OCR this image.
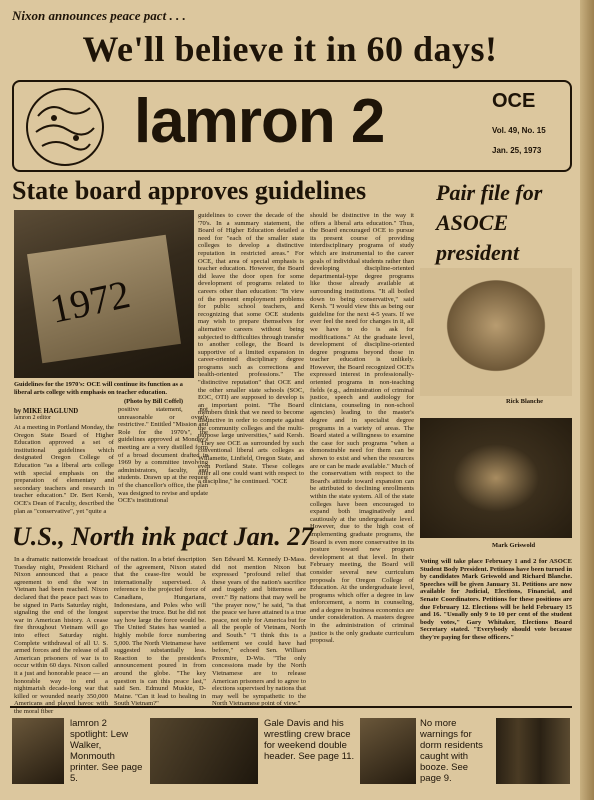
Nixon announces peace pact . . .
We'll believe it in 60 days!
lamron 2	OCE
Vol. 49, No. 15
Jan. 25, 1973
State board approves guidelines	Pair file for ASOCE president
1972
Guidelines for the 1970's: OCE will continue its function as a liberal arts college with emphasis on teacher education.
(Photo by Bill Coffel)
by MIKE HAGLUND
lamron 2 editor
At a meeting in Portland Monday, the Oregon State Board of Higher Education approved a set of institutional guidelines which designated Oregon College of Education "as a liberal arts college with special emphasis on the preparation of elementary and secondary teachers and research in teacher education." Dr. Bert Kersh, OCE's Dean of Faculty, described the plan as "conservative", yet "quite a
positive statement, not unreasonable or overly restrictive." Entitled "Mission and Role for the 1970's", the guidelines approved at Monday's meeting are a very distilled form of a broad document drafted in 1969 by a committee involving administrators, faculty, and students. Drawn up at the request of the chancellor's office, the plan was designed to revise and update OCE's institutional
guidelines to cover the decade of the '70's. In a summary statement, the Board of Higher Education detailed a need for "each of the smaller state colleges to develop a distinctive reputation in restricted areas." For OCE, that area of special emphasis is teacher education. However, the Board did leave the door open for some development of programs related to careers other than education: "In view of the present employment problems for public school teachers, and recognizing that some OCE students may wish to prepare themselves for alternative careers without being subjected to difficulties through transfer to another college, the Board is supportive of a limited expansion in career-oriented disciplinary degree programs such as corrections and health-oriented professions." The "distinctive reputation" that OCE and the other smaller state schools (SOC, EOC, OTI) are supposed to develop is an important point. "The Board members think that we need to become distinctive in order to compete against the community colleges and the multi-purpose large universities," said Kersh. "They see OCE as surrounded by such conventional liberal arts colleges as Willamette, Linfield, Oregon State, and even Portland State. These colleges offer all one could want with respect to a discipline," he continued. "OCE
should be distinctive in the way it offers a liberal arts education." Thus, the Board encouraged OCE to pursue its present course of providing interdisciplinary programs of study which are instrumental to the career goals of individual students rather than developing discipline-oriented departmental-type degree programs like those already available at surrounding institutions. "It all boiled down to being conservative," said Kersh. "I would view this as being our guideline for the next 4-5 years. If we ever feel the need for changes in it, all we have to do is ask for modifications." At the graduate level, development of discipline-oriented degree programs beyond those in teacher education is unlikely. However, the Board recognized OCE's expressed interest in professionally-oriented programs in non-teaching fields (e.g., administration of criminal justice, speech and audiology for clinicians, counseling in non-school agencies) leading to the master's degree and in specialist degree programs in a variety of areas. The Board stated a willingness to examine the case for such programs "when a demonstrable need for them can be shown to exist and when the resources are or can be made available." Much of the conservatism with respect to the Board's attitude toward expansion can be attributed to declining enrollments within the state system. All of the state colleges have been encouraged to expand both imaginatively and cautiously at the undergraduate level. However, due to the high cost of implementing graduate programs, the Board is even more conservative in its posture toward new program development at that level. In their February meeting, the Board will consider several new curriculum proposals for Oregon College of Education. At the undergraduate level, programs which offer a degree in law enforcement, a norm in counseling, and a degree in business economics are under consideration. A masters degree in the administration of criminal justice is the only graduate curriculum proposal.
Rick Blanche
Mark Griswold
Voting will take place February 1 and 2 for ASOCE Student Body President. Petitions have been turned in by candidates Mark Griswold and Richard Blanche. Speeches will be given January 31. Petitions are now available for Judicial, Elections, Financial, and Senate Coordinators. Petitions for these positions are due February 12. Elections will be held February 15 and 16. "Usually only 9 to 10 per cent of the student body votes," Gary Whitaker, Elections Board Secretary stated. "Everybody should vote because they're paying for these officers."
U.S., North ink pact Jan. 27
In a dramatic nationwide broadcast Tuesday night, President Richard Nixon announced that a peace agreement to end the war in Vietnam had been reached. Nixon declared that the peace pact was to be signed in Paris Saturday night, signaling the end of the longest war in American history. A cease fire throughout Vietnam will go into effect Saturday night. Complete withdrawal of all U. S. armed forces and the release of all American prisoners of war is to occur within 60 days. Nixon called it a just and honorable peace — an honorable way to end a nightmarish decade-long war that killed or wounded nearly 350,000 Americans and played havoc with the moral fiber
of the nation. In a brief description of the agreement, Nixon stated that the cease-fire would be internationally supervised. A reference to the projected force of Canadians, Hungarians, Indonesians, and Poles who will supervise the truce. But he did not say how large the force would be. The United States has wanted a highly mobile force numbering 5,000. The North Vietnamese have suggested substantially less. Reaction to the president's announcement poured in from around the globe. "The key question is can this peace last," said Sen. Edmund Muskie, D-Maine. "Can it lead to healing in South Vietnam?"
Sen Edward M. Kennedy D-Mass. did not mention Nixon but expressed "profound relief that these years of the nation's sacrifice and tragedy and bitterness are over." By nations that may well be "the prayer now," he said, "is that the peace we have attained is a true peace, not only for America but for all the people of Vietnam, North and South." "I think this is a settlement we could have had before," echoed Sen. William Proxmire, D-Wis. "The only concessions made by the North Vietnamese are to release American prisoners and to agree to elections supervised by nations that may well be sympathetic to the North Vietnamese point of view."
lamron 2 spotlight: Lew Walker, Monmouth printer. See page 5.
Gale Davis and his wrestling crew brace for weekend double header. See page 11.
No more warnings for dorm residents caught with booze. See page 9.
